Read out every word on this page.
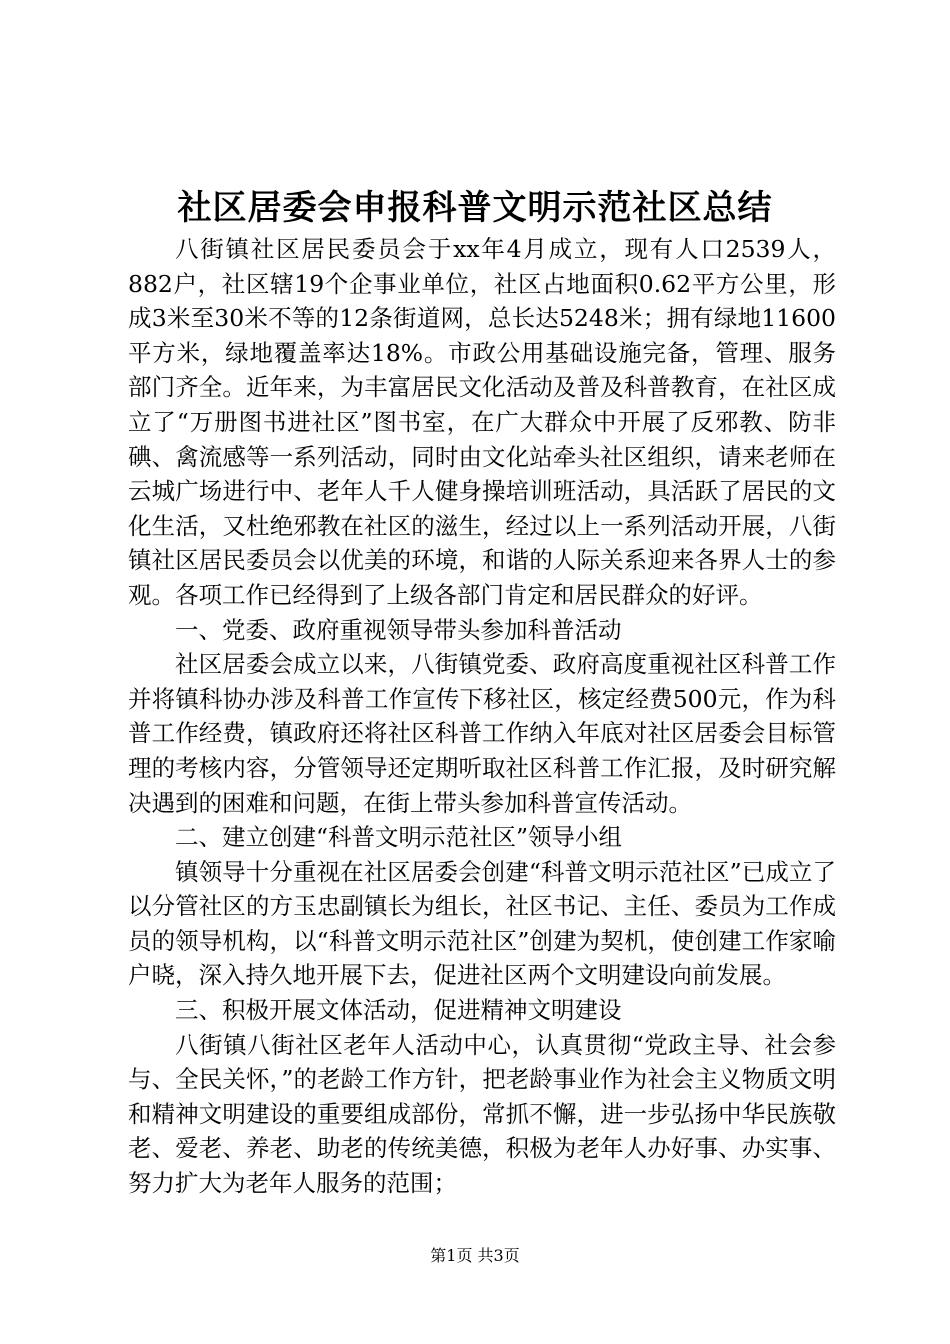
社区居委会申报科普文明示范社区总结

八街镇社区居民委员会于xx年4月成立，现有人口2539人，882户，社区辖19个企事业单位，社区占地面积0.62平方公里，形成3米至30米不等的12条街道网，总长达5248米；拥有绿地11600平方米，绿地覆盖率达18%。市政公用基础设施完备，管理、服务部门齐全。近年来，为丰富居民文化活动及普及科普教育，在社区成立了“万册图书进社区”图书室，在广大群众中开展了反邪教、防非碘、禽流感等一系列活动，同时由文化站牵头社区组织，请来老师在云城广场进行中、老年人千人健身操培训班活动，具活跃了居民的文化生活，又杜绝邪教在社区的滋生，经过以上一系列活动开展，八街镇社区居民委员会以优美的环境，和谐的人际关系迎来各界人士的参观。各项工作已经得到了上级各部门肯定和居民群众的好评。

一、党委、政府重视领导带头参加科普活动

社区居委会成立以来，八街镇党委、政府高度重视社区科普工作并将镇科协办涉及科普工作宣传下移社区，核定经费500元，作为科普工作经费，镇政府还将社区科普工作纳入年底对社区居委会目标管理的考核内容，分管领导还定期听取社区科普工作汇报，及时研究解决遇到的困难和问题，在街上带头参加科普宣传活动。

二、建立创建“科普文明示范社区”领导小组

镇领导十分重视在社区居委会创建“科普文明示范社区”已成立了以分管社区的方玉忠副镇长为组长，社区书记、主任、委员为工作成员的领导机构，以“科普文明示范社区”创建为契机，使创建工作家喻户晓，深入持久地开展下去，促进社区两个文明建设向前发展。

三、积极开展文体活动，促进精神文明建设

八街镇八街社区老年人活动中心，认真贯彻“党政主导、社会参与、全民关怀，”的老龄工作方针，把老龄事业作为社会主义物质文明和精神文明建设的重要组成部份，常抓不懈，进一步弘扬中华民族敬老、爱老、养老、助老的传统美德，积极为老年人办好事、办实事、努力扩大为老年人服务的范围；

第1页 共3页
